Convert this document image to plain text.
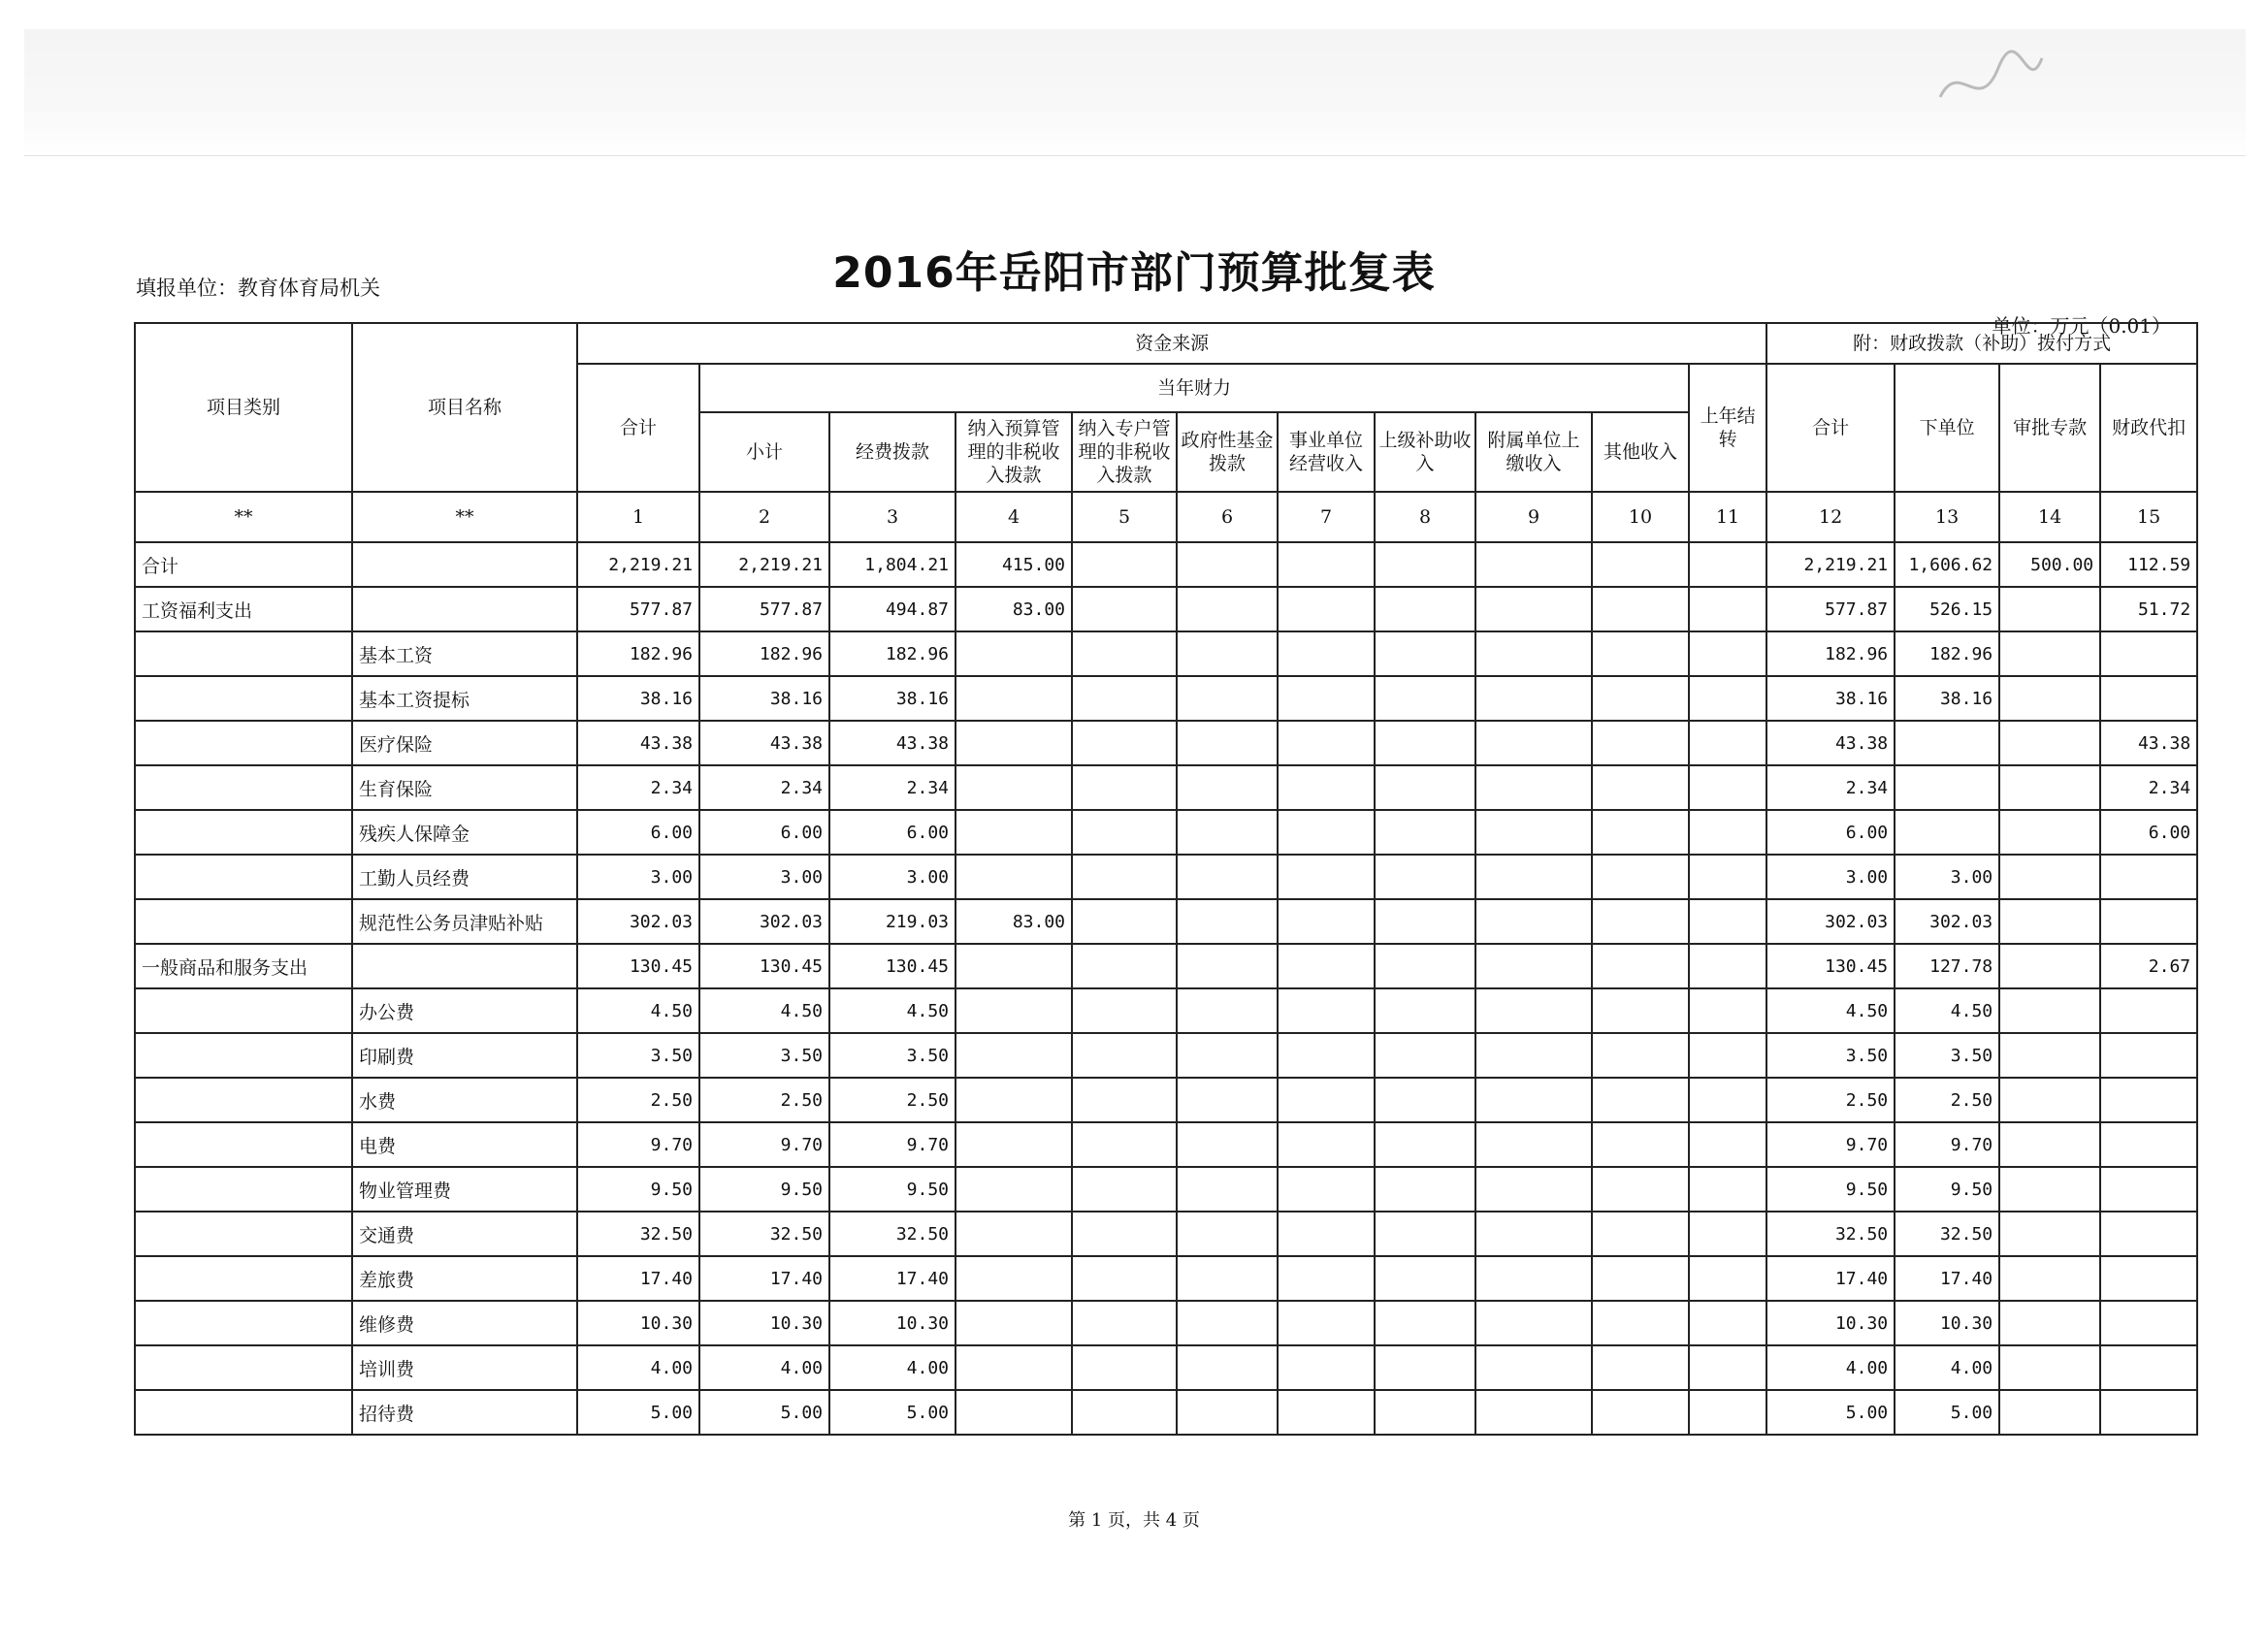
2016年岳阳市部门预算批复表
填报单位：教育体育局机关
单位：万元（0.01）
项目类别	项目名称	资金来源											附：财政拨款（补助）拨付方式			
		合计	当年财力									上年结转	合计	下单位	审批专款	财政代扣
			小计	经费拨款	纳入预算管理的非税收入拨款	纳入专户管理的非税收入拨款	政府性基金拨款	事业单位经营收入	上级补助收入	附属单位上缴收入	其他收入					
**	**	1	2	3	4	5	6	7	8	9	10	11	12	13	14	15
合计		2,219.21	2,219.21	1,804.21	415.00								2,219.21	1,606.62	500.00	112.59
工资福利支出		577.87	577.87	494.87	83.00								577.87	526.15		51.72
	基本工资	182.96	182.96	182.96									182.96	182.96		
	基本工资提标	38.16	38.16	38.16									38.16	38.16		
	医疗保险	43.38	43.38	43.38									43.38			43.38
	生育保险	2.34	2.34	2.34									2.34			2.34
	残疾人保障金	6.00	6.00	6.00									6.00			6.00
	工勤人员经费	3.00	3.00	3.00									3.00	3.00		
	规范性公务员津贴补贴	302.03	302.03	219.03	83.00								302.03	302.03		
一般商品和服务支出		130.45	130.45	130.45									130.45	127.78		2.67
	办公费	4.50	4.50	4.50									4.50	4.50		
	印刷费	3.50	3.50	3.50									3.50	3.50		
	水费	2.50	2.50	2.50									2.50	2.50		
	电费	9.70	9.70	9.70									9.70	9.70		
	物业管理费	9.50	9.50	9.50									9.50	9.50		
	交通费	32.50	32.50	32.50									32.50	32.50		
	差旅费	17.40	17.40	17.40									17.40	17.40		
	维修费	10.30	10.30	10.30									10.30	10.30		
	培训费	4.00	4.00	4.00									4.00	4.00		
	招待费	5.00	5.00	5.00									5.00	5.00		
第 1 页，共 4 页
